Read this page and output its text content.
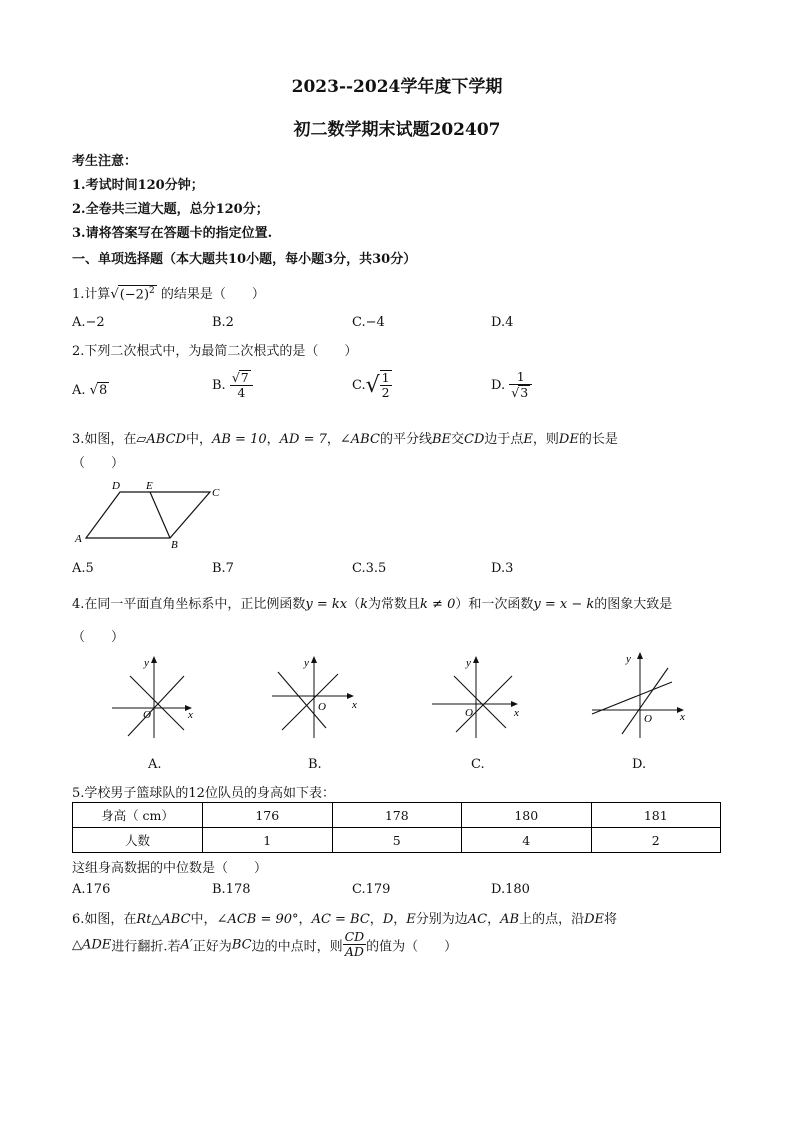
2023--2024学年度下学期
初二数学期末试题202407
考生注意：
1.考试时间120分钟；
2.全卷共三道大题，总分120分；
3.请将答案写在答题卡的指定位置.
一、单项选择题（本大题共10小题，每小题3分，共30分）
1.计算$√(-2)^2$ 的结果是（　　）
A.−2	B.2	C.−4	D.4
2.下列二次根式中，为最简二次根式的是（　　）
A. √8	B. $\frac{√7}{4}$	$C.√ \frac{1}{2}$	D. $\frac{1}{√3}$
3.如图，在▱ABCD中，AB = 10，AD = 7，∠ABC的平分线BE交CD边于点E，则DE的长是
（　　）
A	B
C
D E
A.5	B.7	C.3.5	D.3
4.在同一平面直角坐标系中，正比例函数y = kx（k为常数且k ≠ 0）和一次函数y = x − k的图象大致是
（　　）
x
y
O
x
y
O	x
y
O	x
y
O
A.	B.	C.	D.
5.学校男子篮球队的12位队员的身高如下表：
身高（ cm）	176	178	180	181
人数	1	5	4	2
这组身高数据的中位数是（　　）
A.176	B.178	C.179	D.180
6.如图，在Rt△ABC中，∠ACB = 90°，AC = BC，D，E分别为边AC，AB上的点，沿DE将
△ADE进行翻折.若A′正好为BC边的中点时，则 $\frac{CD}{AD}$ 的值为（　　）
